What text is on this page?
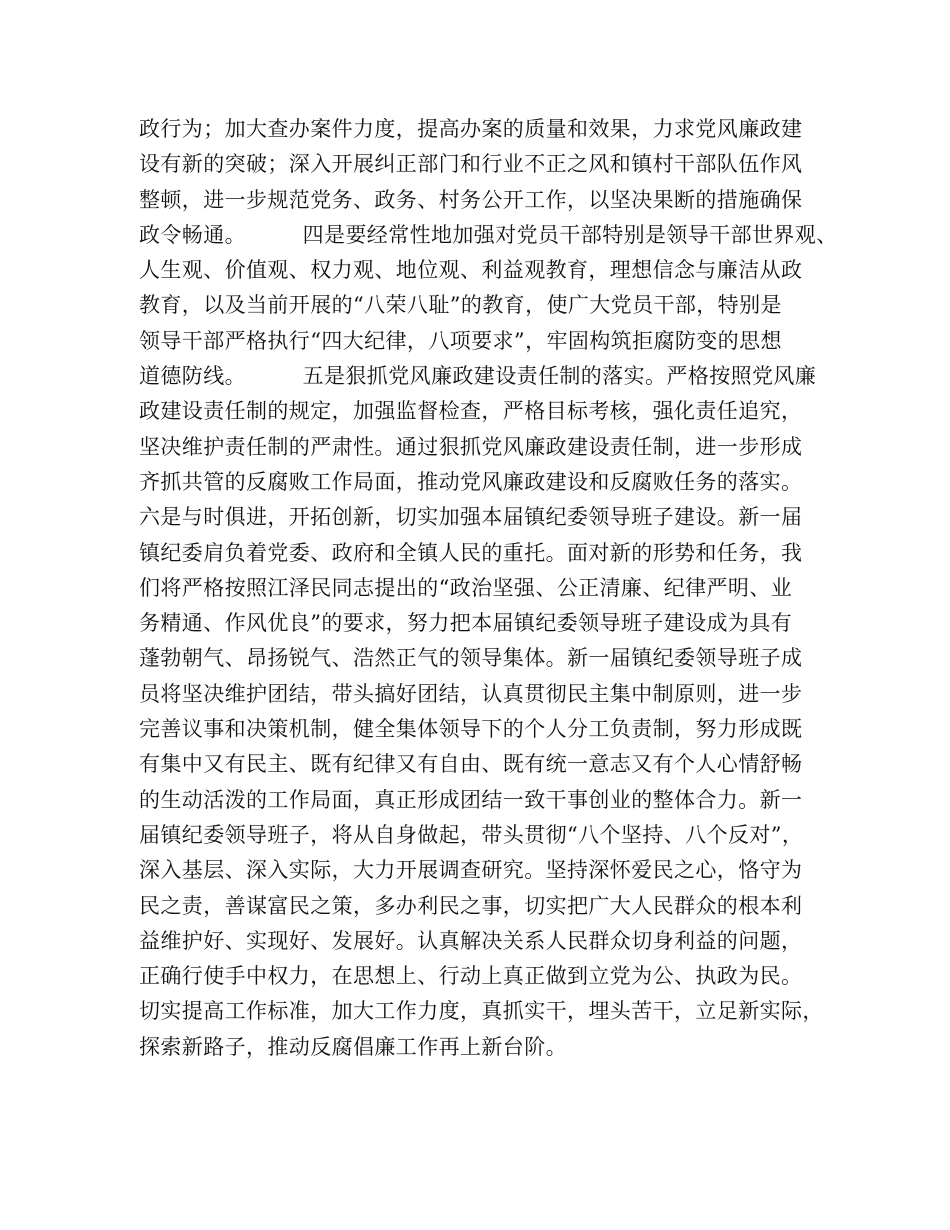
政行为；加大查办案件力度，提高办案的质量和效果，力求党风廉政建
设有新的突破；深入开展纠正部门和行业不正之风和镇村干部队伍作风
整顿，进一步规范党务、政务、村务公开工作，以坚决果断的措施确保
政令畅通。        四是要经常性地加强对党员干部特别是领导干部世界观、
人生观、价值观、权力观、地位观、利益观教育，理想信念与廉洁从政
教育，以及当前开展的“八荣八耻”的教育，使广大党员干部，特别是
领导干部严格执行“四大纪律，八项要求”，牢固构筑拒腐防变的思想
道德防线。        五是狠抓党风廉政建设责任制的落实。严格按照党风廉
政建设责任制的规定，加强监督检查，严格目标考核，强化责任追究，
坚决维护责任制的严肃性。通过狠抓党风廉政建设责任制，进一步形成
齐抓共管的反腐败工作局面，推动党风廉政建设和反腐败任务的落实。
六是与时俱进，开拓创新，切实加强本届镇纪委领导班子建设。新一届
镇纪委肩负着党委、政府和全镇人民的重托。面对新的形势和任务，我
们将严格按照江泽民同志提出的“政治坚强、公正清廉、纪律严明、业
务精通、作风优良”的要求，努力把本届镇纪委领导班子建设成为具有
蓬勃朝气、昂扬锐气、浩然正气的领导集体。新一届镇纪委领导班子成
员将坚决维护团结，带头搞好团结，认真贯彻民主集中制原则，进一步
完善议事和决策机制，健全集体领导下的个人分工负责制，努力形成既
有集中又有民主、既有纪律又有自由、既有统一意志又有个人心情舒畅
的生动活泼的工作局面，真正形成团结一致干事创业的整体合力。新一
届镇纪委领导班子，将从自身做起，带头贯彻“八个坚持、八个反对”，
深入基层、深入实际，大力开展调查研究。坚持深怀爱民之心，恪守为
民之责，善谋富民之策，多办利民之事，切实把广大人民群众的根本利
益维护好、实现好、发展好。认真解决关系人民群众切身利益的问题，
正确行使手中权力，在思想上、行动上真正做到立党为公、执政为民。
切实提高工作标准，加大工作力度，真抓实干，埋头苦干，立足新实际，
探索新路子，推动反腐倡廉工作再上新台阶。
